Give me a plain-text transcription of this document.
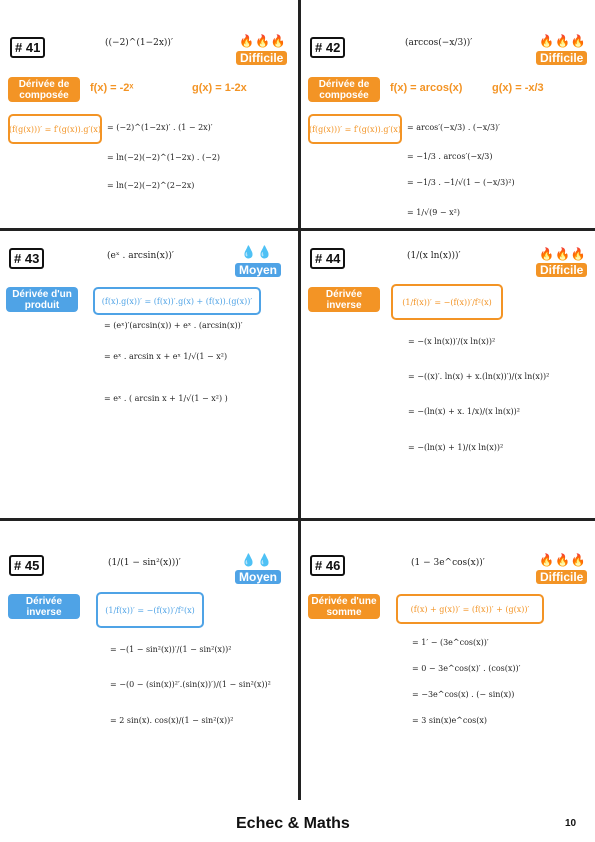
# 41	((−2)^(1−2x))′	🔥🔥🔥
Difficile
Dérivée de composée
f(x) = -2ˣ	g(x) = 1-2x
(f(g(x)))′ = f′(g(x)).g′(x) = (−2)^(1−2x)′ . (1 − 2x)′
= ln(−2)(−2)^(1−2x) . (−2)
= ln(−2)(−2)^(2−2x)
# 42	(arccos(−x/3))′	🔥🔥🔥
Difficile
Dérivée de composée
f(x) = arcos(x)	g(x) = -x/3
(f(g(x)))′ = f′(g(x)).g′(x) = arcos′(−x/3) . (−x/3)′
= −1/3 . arcos′(−x/3)
= −1/3 . −1/√(1 − (−x/3)²)
= 1/√(9 − x²)
# 43	(eˣ . arcsin(x))′	💧💧
Moyen
Dérivée d'un produit	(f(x).g(x))′ = (f(x))′.g(x) + (f(x)).(g(x))′
= (eˣ)′(arcsin(x)) + eˣ . (arcsin(x))′
= eˣ . arcsin x + eˣ 1/√(1 − x²)
= eˣ . ( arcsin x + 1/√(1 − x²) )
# 44	(1/(x ln(x)))′	🔥🔥🔥
Difficile
Dérivée inverse	(1/f(x))′ = −(f(x))′/f²(x)
= −(x ln(x))′/(x ln(x))²
= −((x)′. ln(x) + x.(ln(x))′)/(x ln(x))²
= −(ln(x) + x. 1/x)/(x ln(x))²
= −(ln(x) + 1)/(x ln(x))²
# 45	(1/(1 − sin²(x)))′	💧💧
Moyen
Dérivée inverse	(1/f(x))′ = −(f(x))′/f²(x)
= −(1 − sin²(x))′/(1 − sin²(x))²
= −(0 − (sin(x))²′.(sin(x))′)/(1 − sin²(x))²
= 2 sin(x). cos(x)/(1 − sin²(x))²
# 46	(1 − 3e^cos(x))′	🔥🔥🔥
Difficile
Dérivée d'une somme	(f(x) + g(x))′ = (f(x))′ + (g(x))′
= 1′ − (3e^cos(x))′
= 0 − 3e^cos(x)′ . (cos(x))′
= −3e^cos(x) . (− sin(x))
= 3 sin(x)e^cos(x)
Echec & Maths	10
